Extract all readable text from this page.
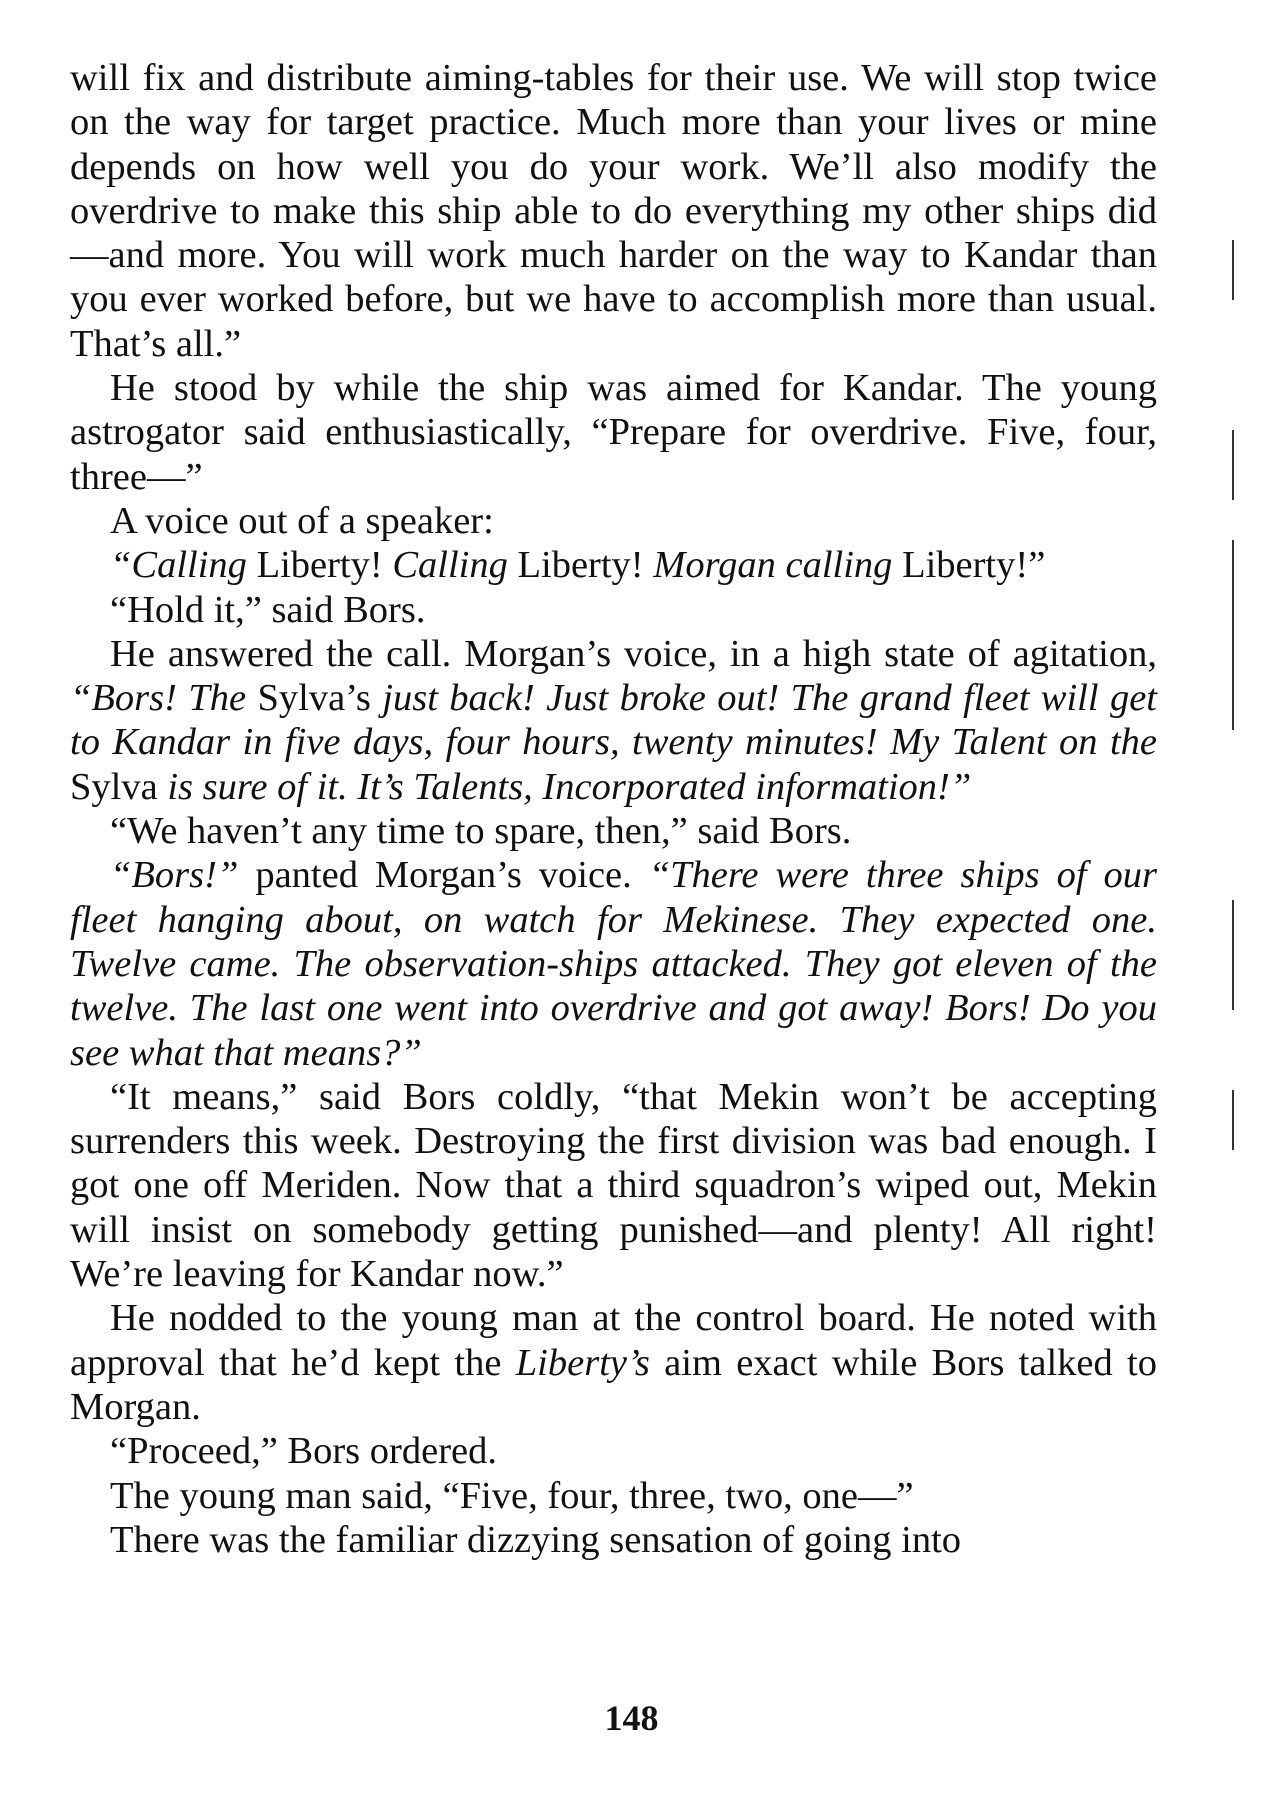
will fix and distribute aiming-tables for their use. We will stop twice on the way for target practice. Much more than your lives or mine depends on how well you do your work. We’ll also modify the overdrive to make this ship able to do everything my other ships did—and more. You will work much harder on the way to Kandar than you ever worked before, but we have to accomplish more than usual. That’s all.”

He stood by while the ship was aimed for Kandar. The young astrogator said enthusiastically, “Prepare for overdrive. Five, four, three—”

A voice out of a speaker:

“Calling Liberty! Calling Liberty! Morgan calling Liberty!”

“Hold it,” said Bors.

He answered the call. Morgan’s voice, in a high state of agitation, “Bors! The Sylva’s just back! Just broke out! The grand fleet will get to Kandar in five days, four hours, twenty minutes! My Talent on the Sylva is sure of it. It’s Talents, Incorporated information!”

“We haven’t any time to spare, then,” said Bors.

“Bors!” panted Morgan’s voice. “There were three ships of our fleet hanging about, on watch for Mekinese. They expected one. Twelve came. The observation-ships attacked. They got eleven of the twelve. The last one went into overdrive and got away! Bors! Do you see what that means?”

“It means,” said Bors coldly, “that Mekin won’t be accepting surrenders this week. Destroying the first division was bad enough. I got one off Meriden. Now that a third squadron’s wiped out, Mekin will insist on somebody getting punished—and plenty! All right! We’re leaving for Kandar now.”

He nodded to the young man at the control board. He noted with approval that he’d kept the Liberty’s aim exact while Bors talked to Morgan.

“Proceed,” Bors ordered.

The young man said, “Five, four, three, two, one—”

There was the familiar dizzying sensation of going into

148
